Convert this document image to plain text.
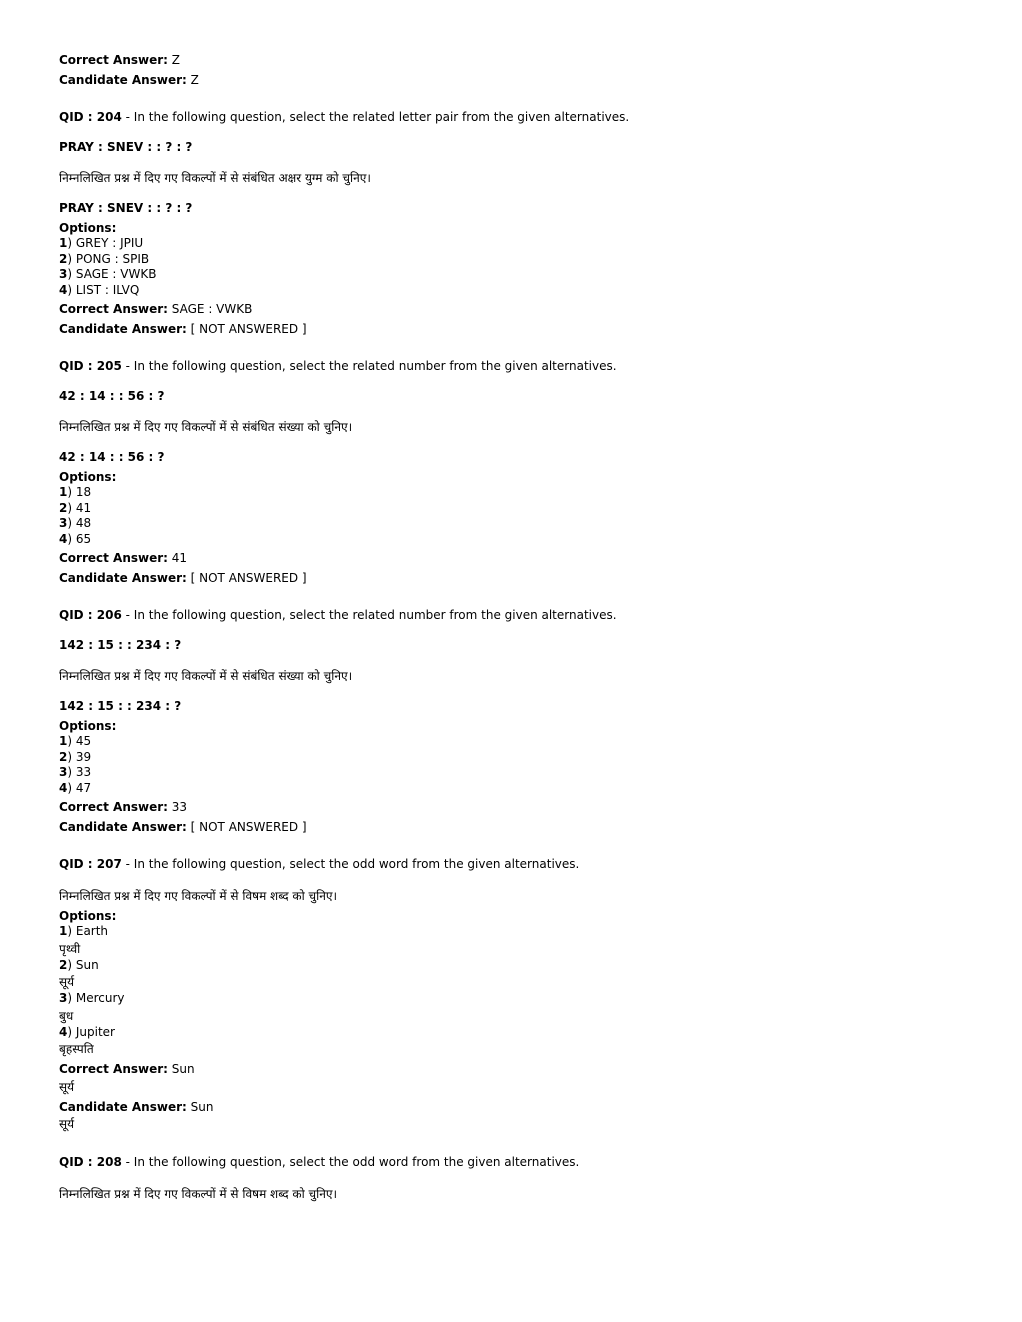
Correct Answer: Z
Candidate Answer: Z
QID : 204 - In the following question, select the related letter pair from the given alternatives.
PRAY : SNEV : : ? : ?
निम्नलिखित प्रश्न में दिए गए विकल्पों में से संबंधित अक्षर युग्म को चुनिए।
PRAY : SNEV : : ? : ?
Options:
1) GREY : JPIU
2) PONG : SPIB
3) SAGE : VWKB
4) LIST : ILVQ
Correct Answer: SAGE : VWKB
Candidate Answer: [ NOT ANSWERED ]
QID : 205 - In the following question, select the related number from the given alternatives.
42 : 14 : : 56 : ?
निम्नलिखित प्रश्न में दिए गए विकल्पों में से संबंधित संख्या को चुनिए।
42 : 14 : : 56 : ?
Options:
1) 18
2) 41
3) 48
4) 65
Correct Answer: 41
Candidate Answer: [ NOT ANSWERED ]
QID : 206 - In the following question, select the related number from the given alternatives.
142 : 15 : : 234 : ?
निम्नलिखित प्रश्न में दिए गए विकल्पों में से संबंधित संख्या को चुनिए।
142 : 15 : : 234 : ?
Options:
1) 45
2) 39
3) 33
4) 47
Correct Answer: 33
Candidate Answer: [ NOT ANSWERED ]
QID : 207 - In the following question, select the odd word from the given alternatives.
निम्नलिखित प्रश्न में दिए गए विकल्पों में से विषम शब्द को चुनिए।
Options:
1) Earth
पृथ्वी
2) Sun
सूर्य
3) Mercury
बुध
4) Jupiter
बृहस्पति
Correct Answer: Sun
सूर्य
Candidate Answer: Sun
सूर्य
QID : 208 - In the following question, select the odd word from the given alternatives.
निम्नलिखित प्रश्न में दिए गए विकल्पों में से विषम शब्द को चुनिए।
